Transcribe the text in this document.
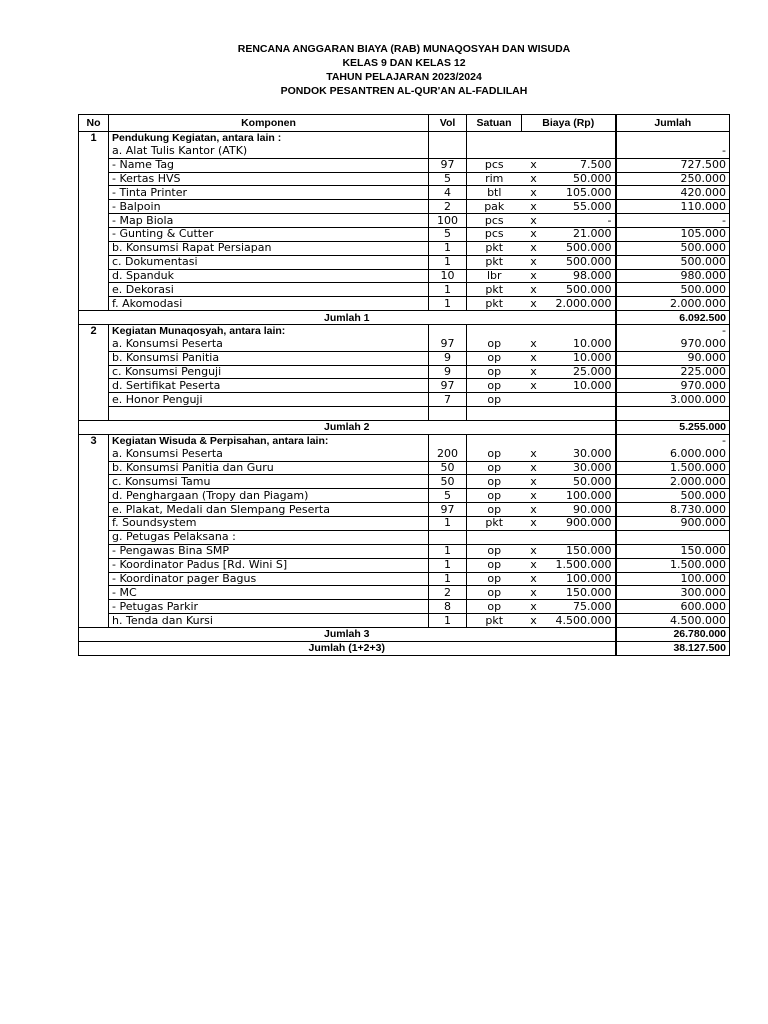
RENCANA ANGGARAN BIAYA (RAB) MUNAQOSYAH DAN WISUDA
KELAS 9 DAN KELAS 12
TAHUN PELAJARAN 2023/2024
PONDOK PESANTREN AL-QUR'AN AL-FADLILAH
No	Komponen	Vol	Satuan	Biaya (Rp)		Jumlah
1	Pendukung Kegiatan, antara lain :					
	a. Alat Tulis Kantor (ATK)					-
	- Name Tag	97	pcs	x	7.500	727.500
	- Kertas HVS	5	rim	x	50.000	250.000
	- Tinta Printer	4	btl	x	105.000	420.000
	- Balpoin	2	pak	x	55.000	110.000
	- Map Biola	100	pcs	x	-	-
	- Gunting & Cutter	5	pcs	x	21.000	105.000
	b. Konsumsi Rapat Persiapan	1	pkt	x	500.000	500.000
	c. Dokumentasi	1	pkt	x	500.000	500.000
	d. Spanduk	10	lbr	x	98.000	980.000
	e. Dekorasi	1	pkt	x	500.000	500.000
	f. Akomodasi	1	pkt	x	2.000.000	2.000.000
Jumlah 1						6.092.500
2	Kegiatan Munaqosyah, antara lain:					-
	a. Konsumsi Peserta	97	op	x	10.000	970.000
	b. Konsumsi Panitia	9	op	x	10.000	90.000
	c. Konsumsi Penguji	9	op	x	25.000	225.000
	d. Sertifikat Peserta	97	op	x	10.000	970.000
	e. Honor Penguji	7	op			3.000.000

Jumlah 2						5.255.000
3	Kegiatan Wisuda & Perpisahan, antara lain:					-
	a. Konsumsi Peserta	200	op	x	30.000	6.000.000
	b. Konsumsi Panitia dan Guru	50	op	x	30.000	1.500.000
	c. Konsumsi Tamu	50	op	x	50.000	2.000.000
	d. Penghargaan (Tropy dan Piagam)	5	op	x	100.000	500.000
	e. Plakat, Medali dan Slempang Peserta	97	op	x	90.000	8.730.000
	f. Soundsystem	1	pkt	x	900.000	900.000
	g. Petugas Pelaksana :					
	- Pengawas Bina SMP	1	op	x	150.000	150.000
	- Koordinator Padus [Rd. Wini S]	1	op	x	1.500.000	1.500.000
	- Koordinator pager Bagus	1	op	x	100.000	100.000
	- MC	2	op	x	150.000	300.000
	- Petugas Parkir	8	op	x	75.000	600.000
	h. Tenda dan Kursi	1	pkt	x	4.500.000	4.500.000
Jumlah 3						26.780.000
Jumlah (1+2+3)						38.127.500
